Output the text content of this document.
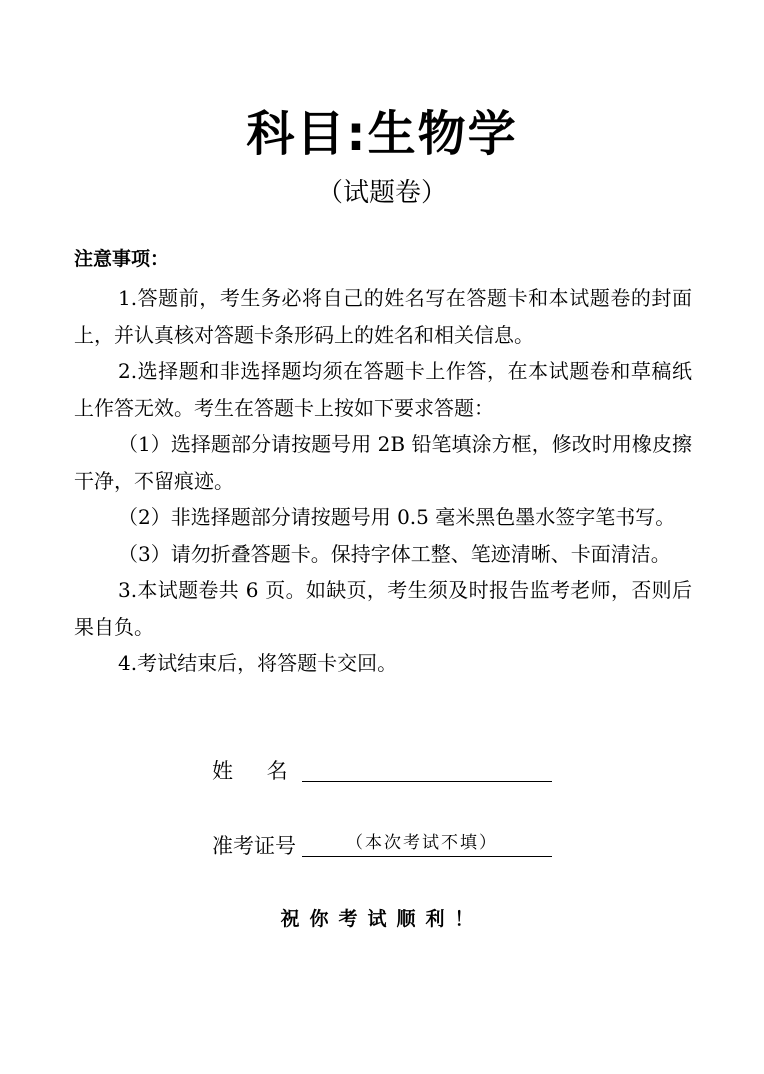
科目:生物学
（试题卷）
注意事项：

1.答题前，考生务必将自己的姓名写在答题卡和本试题卷的封面上，并认真核对答题卡条形码上的姓名和相关信息。

2.选择题和非选择题均须在答题卡上作答，在本试题卷和草稿纸上作答无效。考生在答题卡上按如下要求答题：

（1）选择题部分请按题号用 2B 铅笔填涂方框，修改时用橡皮擦干净，不留痕迹。

（2）非选择题部分请按题号用 0.5 毫米黑色墨水签字笔书写。

（3）请勿折叠答题卡。保持字体工整、笔迹清晰、卡面清洁。

3.本试题卷共 6 页。如缺页，考生须及时报告监考老师，否则后果自负。

4.考试结束后，将答题卡交回。

姓名
准考证号	（本次考试不填）
祝你考试顺利！
